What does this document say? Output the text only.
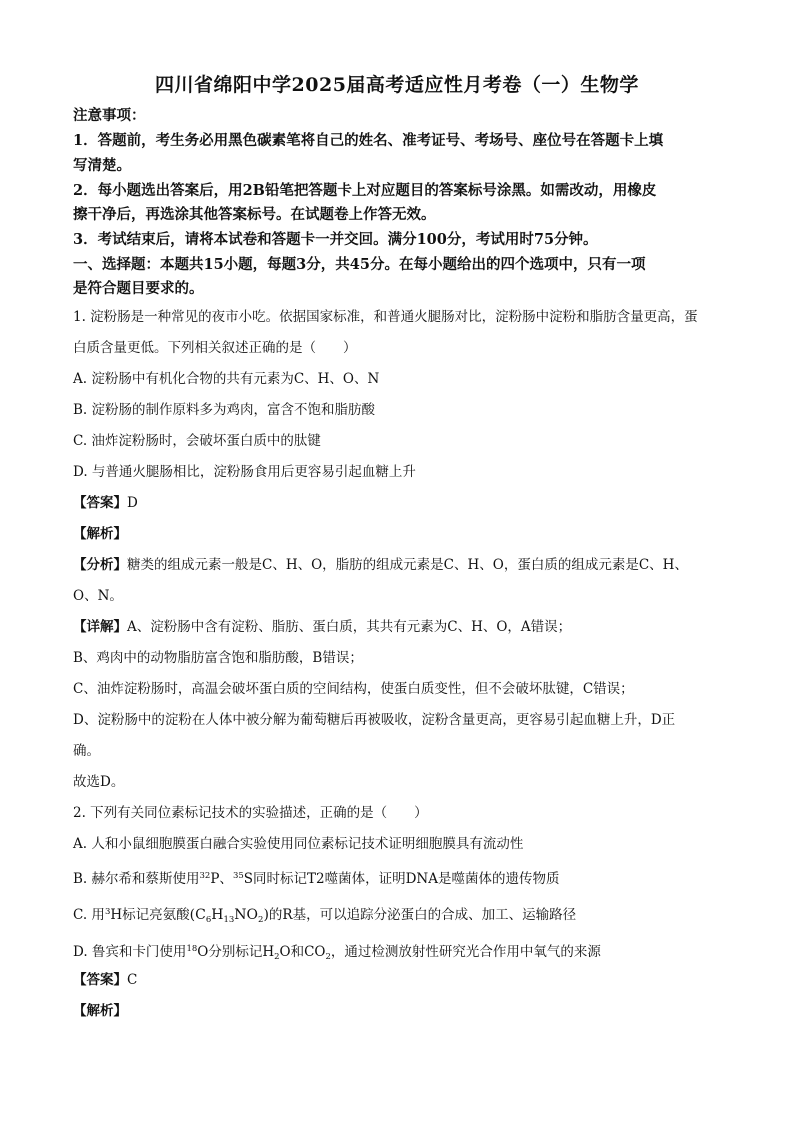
四川省绵阳中学2025届高考适应性月考卷（一）生物学
注意事项：
1．答题前，考生务必用黑色碳素笔将自己的姓名、准考证号、考场号、座位号在答题卡上填
写清楚。
2．每小题选出答案后，用2B铅笔把答题卡上对应题目的答案标号涂黑。如需改动，用橡皮
擦干净后，再选涂其他答案标号。在试题卷上作答无效。
3．考试结束后，请将本试卷和答题卡一并交回。满分100分，考试用时75分钟。
一、选择题：本题共15小题，每题3分，共45分。在每小题给出的四个选项中，只有一项
是符合题目要求的。
1. 淀粉肠是一种常见的夜市小吃。依据国家标准，和普通火腿肠对比，淀粉肠中淀粉和脂肪含量更高，蛋
白质含量更低。下列相关叙述正确的是（　　）
A. 淀粉肠中有机化合物的共有元素为C、H、O、N
B. 淀粉肠的制作原料多为鸡肉，富含不饱和脂肪酸
C. 油炸淀粉肠时，会破坏蛋白质中的肽键
D. 与普通火腿肠相比，淀粉肠食用后更容易引起血糖上升
【答案】D
【解析】
【分析】糖类的组成元素一般是C、H、O，脂肪的组成元素是C、H、O，蛋白质的组成元素是C、H、
O、N。
【详解】A、淀粉肠中含有淀粉、脂肪、蛋白质，其共有元素为C、H、O，A错误；
B、鸡肉中的动物脂肪富含饱和脂肪酸，B错误；
C、油炸淀粉肠时，高温会破坏蛋白质的空间结构，使蛋白质变性，但不会破坏肽键，C错误；
D、淀粉肠中的淀粉在人体中被分解为葡萄糖后再被吸收，淀粉含量更高，更容易引起血糖上升，D正
确。
故选D。
2. 下列有关同位素标记技术的实验描述，正确的是（　　）
A. 人和小鼠细胞膜蛋白融合实验使用同位素标记技术证明细胞膜具有流动性
B. 赫尔希和蔡斯使用$^{32}$P、$^{35}$S同时标记T2噬菌体，证明DNA是噬菌体的遗传物质
C. 用$^3$H标记亮氨酸$(C_6H_{13}NO_2)$的R基，可以追踪分泌蛋白的合成、加工、运输路径
D. 鲁宾和卡门使用$^{18}$O分别标记$H_2O$和$CO_2$，通过检测放射性研究光合作用中氧气的来源
【答案】C
【解析】
